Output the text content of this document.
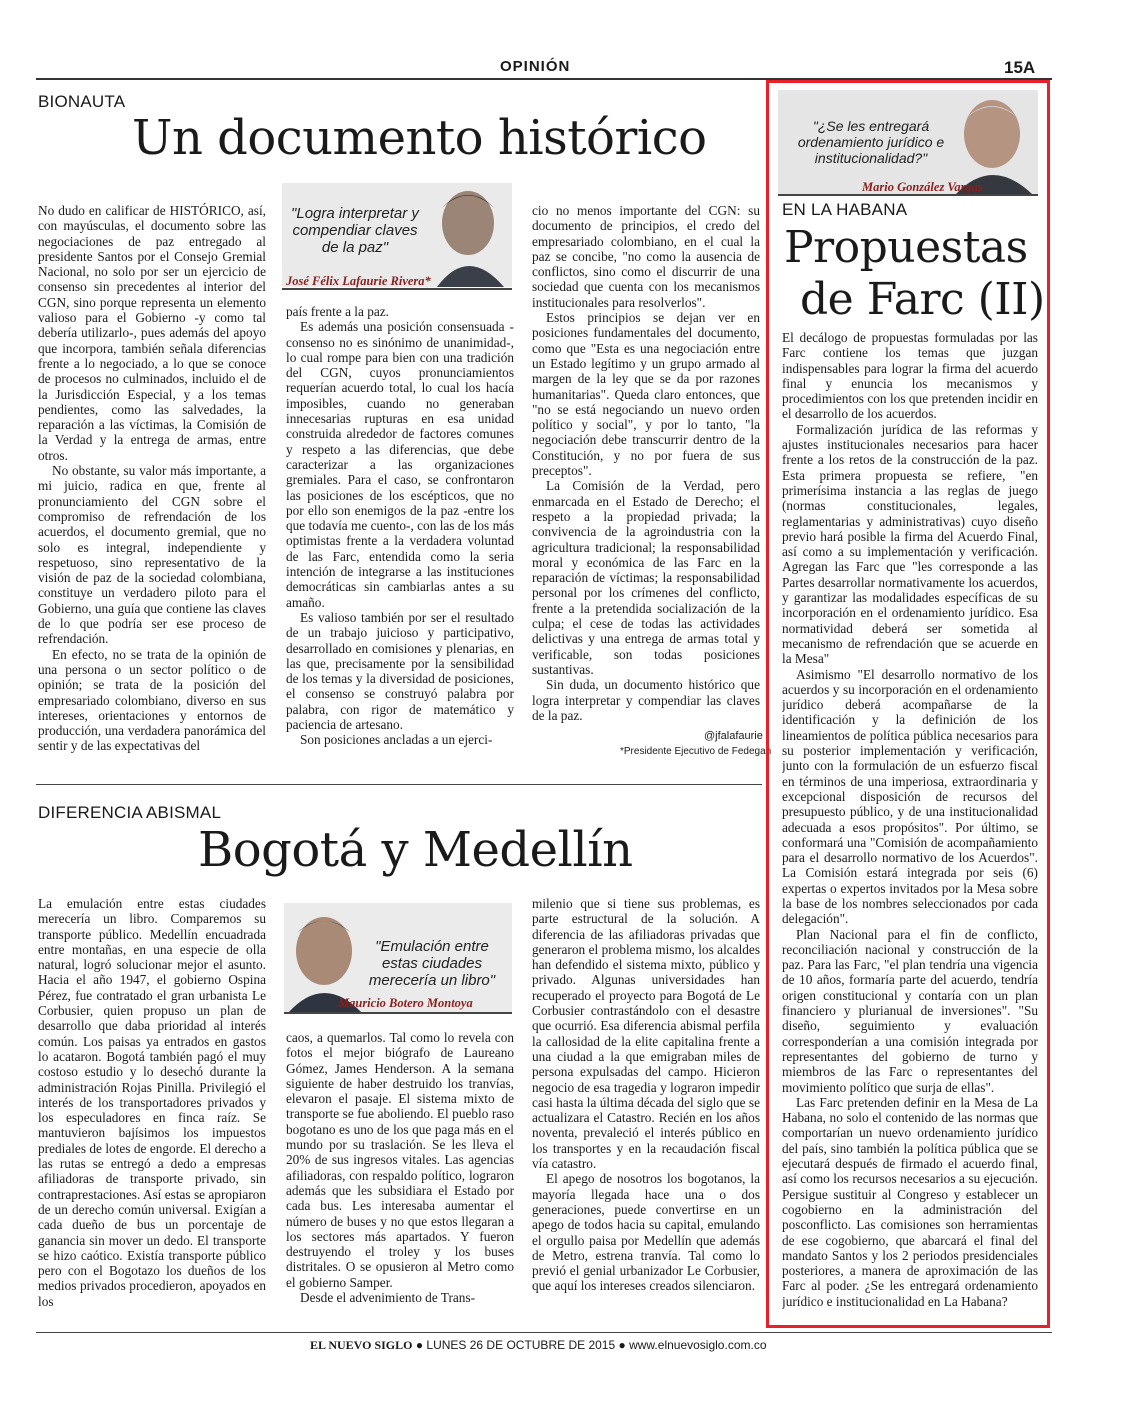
OPINIÓN	15A
BIONAUTA
Un documento histórico

No dudo en calificar de HISTÓRICO, así, con mayúsculas, el documento sobre las negociaciones de paz entregado al presidente Santos por el Consejo Gremial Nacional, no solo por ser un ejercicio de consenso sin precedentes al interior del CGN, sino porque representa un elemento valioso para el Gobierno -y como tal debería utilizarlo-, pues además del apoyo que incorpora, también señala diferencias frente a lo negociado, a lo que se conoce de procesos no culminados, incluido el de la Jurisdicción Especial, y a los temas pendientes, como las salvedades, la reparación a las víctimas, la Comisión de la Verdad y la entrega de armas, entre otros.

No obstante, su valor más importante, a mi juicio, radica en que, frente al pronunciamiento del CGN sobre el compromiso de refrendación de los acuerdos, el documento gremial, que no solo es integral, independiente y respetuoso, sino representativo de la visión de paz de la sociedad colombiana, constituye un verdadero piloto para el Gobierno, una guía que contiene las claves de lo que podría ser ese proceso de refrendación.

En efecto, no se trata de la opinión de una persona o un sector político o de opinión; se trata de la posición del empresariado colombiano, diverso en sus intereses, orientaciones y entornos de producción, una verdadera panorámica del sentir y de las expectativas del

"Logra interpretar y compendiar claves de la paz"
José Félix Lafaurie Rivera*

país frente a la paz.

Es además una posición consensuada -consenso no es sinónimo de unanimidad-, lo cual rompe para bien con una tradición del CGN, cuyos pronunciamientos requerían acuerdo total, lo cual los hacía imposibles, cuando no generaban innecesarias rupturas en esa unidad construida alrededor de factores comunes y respeto a las diferencias, que debe caracterizar a las organizaciones gremiales. Para el caso, se confrontaron las posiciones de los escépticos, que no por ello son enemigos de la paz -entre los que todavía me cuento-, con las de los más optimistas frente a la verdadera voluntad de las Farc, entendida como la seria intención de integrarse a las instituciones democráticas sin cambiarlas antes a su amaño.

Es valioso también por ser el resultado de un trabajo juicioso y participativo, desarrollado en comisiones y plenarias, en las que, precisamente por la sensibilidad de los temas y la diversidad de posiciones, el consenso se construyó palabra por palabra, con rigor de matemático y paciencia de artesano.

Son posiciones ancladas a un ejerci-

cio no menos importante del CGN: su documento de principios, el credo del empresariado colombiano, en el cual la paz se concibe, "no como la ausencia de conflictos, sino como el discurrir de una sociedad que cuenta con los mecanismos institucionales para resolverlos".

Estos principios se dejan ver en posiciones fundamentales del documento, como que "Esta es una negociación entre un Estado legítimo y un grupo armado al margen de la ley que se da por razones humanitarias". Queda claro entonces, que "no se está negociando un nuevo orden político y social", y por lo tanto, "la negociación debe transcurrir dentro de la Constitución, y no por fuera de sus preceptos".

La Comisión de la Verdad, pero enmarcada en el Estado de Derecho; el respeto a la propiedad privada; la convivencia de la agroindustria con la agricultura tradicional; la responsabilidad moral y económica de las Farc en la reparación de víctimas; la responsabilidad personal por los crímenes del conflicto, frente a la pretendida socialización de la culpa; el cese de todas las actividades delictivas y una entrega de armas total y verificable, son todas posiciones sustantivas.

Sin duda, un documento histórico que logra interpretar y compendiar las claves de la paz.

@jfalafaurie
*Presidente Ejecutivo de Fedegan
DIFERENCIA ABISMAL
Bogotá y Medellín

La emulación entre estas ciudades merecería un libro. Comparemos su transporte público. Medellín encuadrada entre montañas, en una especie de olla natural, logró solucionar mejor el asunto. Hacia el año 1947, el gobierno Ospina Pérez, fue contratado el gran urbanista Le Corbusier, quien propuso un plan de desarrollo que daba prioridad al interés común. Los paisas ya entrados en gastos lo acataron. Bogotá también pagó el muy costoso estudio y lo desechó durante la administración Rojas Pinilla. Privilegió el interés de los transportadores privados y los especuladores en finca raíz. Se mantuvieron bajísimos los impuestos prediales de lotes de engorde. El derecho a las rutas se entregó a dedo a empresas afiliadoras de transporte privado, sin contraprestaciones. Así estas se apropiaron de un derecho común universal. Exigían a cada dueño de bus un porcentaje de ganancia sin mover un dedo. El transporte se hizo caótico. Existía transporte público pero con el Bogotazo los dueños de los medios privados procedieron, apoyados en los

"Emulación entre estas ciudades merecería un libro"
Mauricio Botero Montoya

caos, a quemarlos. Tal como lo revela con fotos el mejor biógrafo de Laureano Gómez, James Henderson. A la semana siguiente de haber destruido los tranvías, elevaron el pasaje. El sistema mixto de transporte se fue aboliendo. El pueblo raso bogotano es uno de los que paga más en el mundo por su traslación. Se les lleva el 20% de sus ingresos vitales. Las agencias afiliadoras, con respaldo político, lograron además que les subsidiara el Estado por cada bus. Les interesaba aumentar el número de buses y no que estos llegaran a los sectores más apartados. Y fueron destruyendo el troley y los buses distritales. O se opusieron al Metro como el gobierno Samper.

Desde el advenimiento de Trans-

milenio que si tiene sus problemas, es parte estructural de la solución. A diferencia de las afiliadoras privadas que generaron el problema mismo, los alcaldes han defendido el sistema mixto, público y privado. Algunas universidades han recuperado el proyecto para Bogotá de Le Corbusier contrastándolo con el desastre que ocurrió. Esa diferencia abismal perfila la callosidad de la elite capitalina frente a una ciudad a la que emigraban miles de persona expulsadas del campo. Hicieron negocio de esa tragedia y lograron impedir casi hasta la última década del siglo que se actualizara el Catastro. Recién en los años noventa, prevaleció el interés público en los transportes y en la recaudación fiscal vía catastro.

El apego de nosotros los bogotanos, la mayoría llegada hace una o dos generaciones, puede convertirse en un apego de todos hacia su capital, emulando el orgullo paisa por Medellín que además de Metro, estrena tranvía. Tal como lo previó el genial urbanizador Le Corbusier, que aquí los intereses creados silenciaron.

"¿Se les entregará ordenamiento jurídico e institucionalidad?"
Mario González Vargas
EN LA HABANA
Propuestas
de Farc (II)

El decálogo de propuestas formuladas por las Farc contiene los temas que juzgan indispensables para lograr la firma del acuerdo final y enuncia los mecanismos y procedimientos con los que pretenden incidir en el desarrollo de los acuerdos.

Formalización jurídica de las reformas y ajustes institucionales necesarios para hacer frente a los retos de la construcción de la paz. Esta primera propuesta se refiere, "en primerísima instancia a las reglas de juego (normas constitucionales, legales, reglamentarias y administrativas) cuyo diseño previo hará posible la firma del Acuerdo Final, así como a su implementación y verificación. Agregan las Farc que "les corresponde a las Partes desarrollar normativamente los acuerdos, y garantizar las modalidades específicas de su incorporación en el ordenamiento jurídico. Esa normatividad deberá ser sometida al mecanismo de refrendación que se acuerde en la Mesa"

Asimismo "El desarrollo normativo de los acuerdos y su incorporación en el ordenamiento jurídico deberá acompañarse de la identificación y la definición de los lineamientos de política pública necesarios para su posterior implementación y verificación, junto con la formulación de un esfuerzo fiscal en términos de una imperiosa, extraordinaria y excepcional disposición de recursos del presupuesto público, y de una institucionalidad adecuada a esos propósitos". Por último, se conformará una "Comisión de acompañamiento para el desarrollo normativo de los Acuerdos". La Comisión estará integrada por seis (6) expertas o expertos invitados por la Mesa sobre la base de los nombres seleccionados por cada delegación".

Plan Nacional para el fin de conflicto, reconciliación nacional y construcción de la paz. Para las Farc, "el plan tendría una vigencia de 10 años, formaría parte del acuerdo, tendría origen constitucional y contaría con un plan financiero y plurianual de inversiones". "Su diseño, seguimiento y evaluación corresponderían a una comisión integrada por representantes del gobierno de turno y miembros de las Farc o representantes del movimiento político que surja de ellas".

Las Farc pretenden definir en la Mesa de La Habana, no solo el contenido de las normas que comportarían un nuevo ordenamiento jurídico del país, sino también la política pública que se ejecutará después de firmado el acuerdo final, así como los recursos necesarios a su ejecución. Persigue sustituir al Congreso y establecer un cogobierno en la administración del posconflicto. Las comisiones son herramientas de ese cogobierno, que abarcará el final del mandato Santos y los 2 periodos presidenciales posteriores, a manera de aproximación de las Farc al poder. ¿Se les entregará ordenamiento jurídico e institucionalidad en La Habana?

EL NUEVO SIGLO ● LUNES 26 DE OCTUBRE DE 2015 ● www.elnuevosiglo.com.co
